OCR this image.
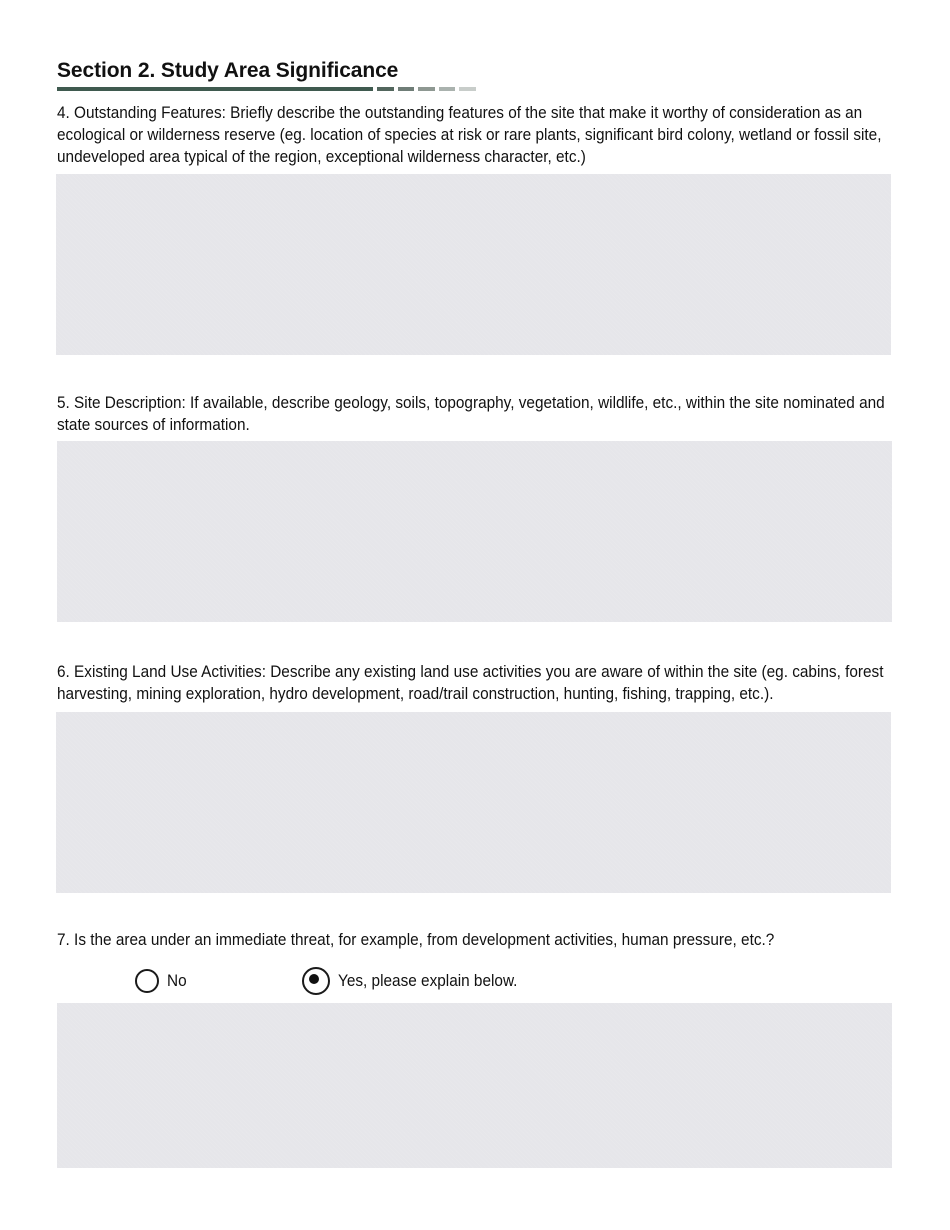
Section 2. Study Area Significance

4. Outstanding Features: Briefly describe the outstanding features of the site that make it worthy of consideration as an ecological or wilderness reserve (eg. location of species at risk or rare plants, significant bird colony, wetland or fossil site, undeveloped area typical of the region, exceptional wilderness character, etc.)

5. Site Description: If available, describe geology, soils, topography, vegetation, wildlife, etc., within the site nominated and state sources of information.

6. Existing Land Use Activities: Describe any existing land use activities you are aware of within the site (eg. cabins, forest harvesting, mining exploration, hydro development, road/trail construction, hunting, fishing, trapping, etc.).

7. Is the area under an immediate threat, for example, from development activities, human pressure, etc.?

No	Yes, please explain below.
